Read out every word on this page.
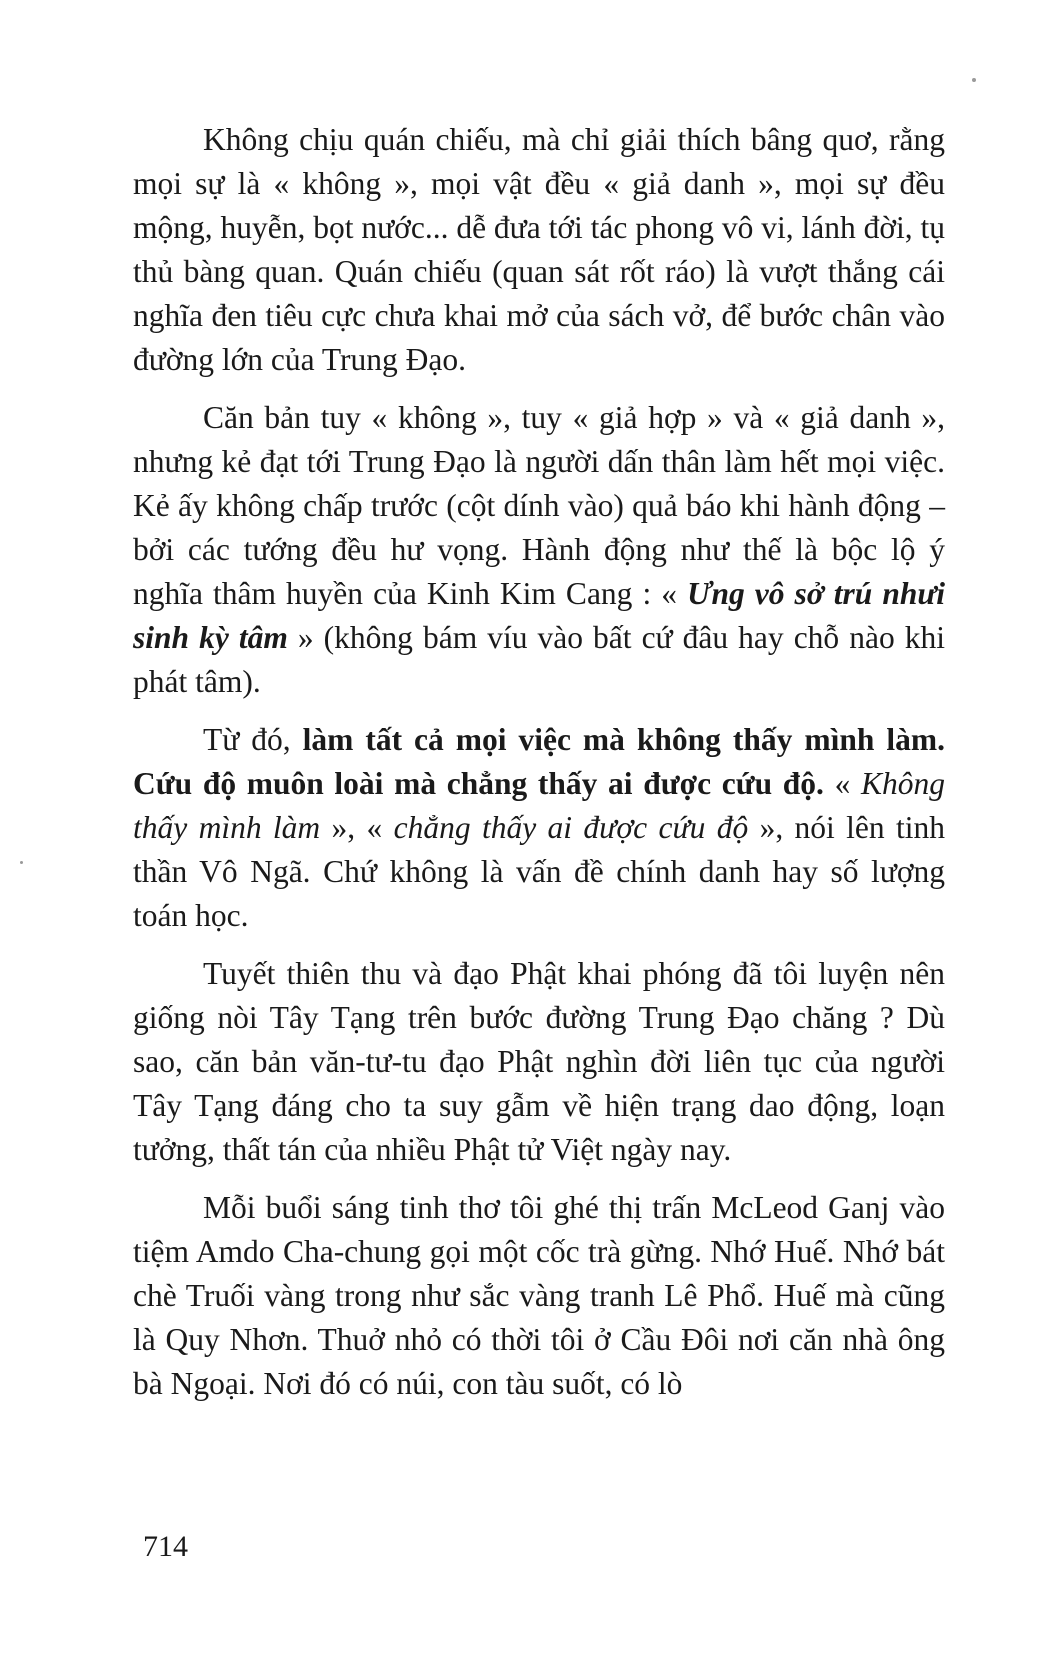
Không chịu quán chiếu, mà chỉ giải thích bâng quơ, rằng mọi sự là « không », mọi vật đều « giả danh », mọi sự đều mộng, huyễn, bọt nước... dễ đưa tới tác phong vô vi, lánh đời, tụ thủ bàng quan. Quán chiếu (quan sát rốt ráo) là vượt thắng cái nghĩa đen tiêu cực chưa khai mở của sách vở, để bước chân vào đường lớn của Trung Đạo.

Căn bản tuy « không », tuy « giả hợp » và « giả danh », nhưng kẻ đạt tới Trung Đạo là người dấn thân làm hết mọi việc. Kẻ ấy không chấp trước (cột dính vào) quả báo khi hành động – bởi các tướng đều hư vọng. Hành động như thế là bộc lộ ý nghĩa thâm huyền của Kinh Kim Cang : « Ưng vô sở trú nhưi sinh kỳ tâm » (không bám víu vào bất cứ đâu hay chỗ nào khi phát tâm).

Từ đó, làm tất cả mọi việc mà không thấy mình làm. Cứu độ muôn loài mà chẳng thấy ai được cứu độ. « Không thấy mình làm », « chẳng thấy ai được cứu độ », nói lên tinh thần Vô Ngã. Chứ không là vấn đề chính danh hay số lượng toán học.

Tuyết thiên thu và đạo Phật khai phóng đã tôi luyện nên giống nòi Tây Tạng trên bước đường Trung Đạo chăng ? Dù sao, căn bản văn-tư-tu đạo Phật nghìn đời liên tục của người Tây Tạng đáng cho ta suy gẫm về hiện trạng dao động, loạn tưởng, thất tán của nhiều Phật tử Việt ngày nay.

Mỗi buổi sáng tinh thơ tôi ghé thị trấn McLeod Ganj vào tiệm Amdo Cha-chung gọi một cốc trà gừng. Nhớ Huế. Nhớ bát chè Truối vàng trong như sắc vàng tranh Lê Phổ. Huế mà cũng là Quy Nhơn. Thuở nhỏ có thời tôi ở Cầu Đôi nơi căn nhà ông bà Ngoại. Nơi đó có núi, con tàu suốt, có lò

714
